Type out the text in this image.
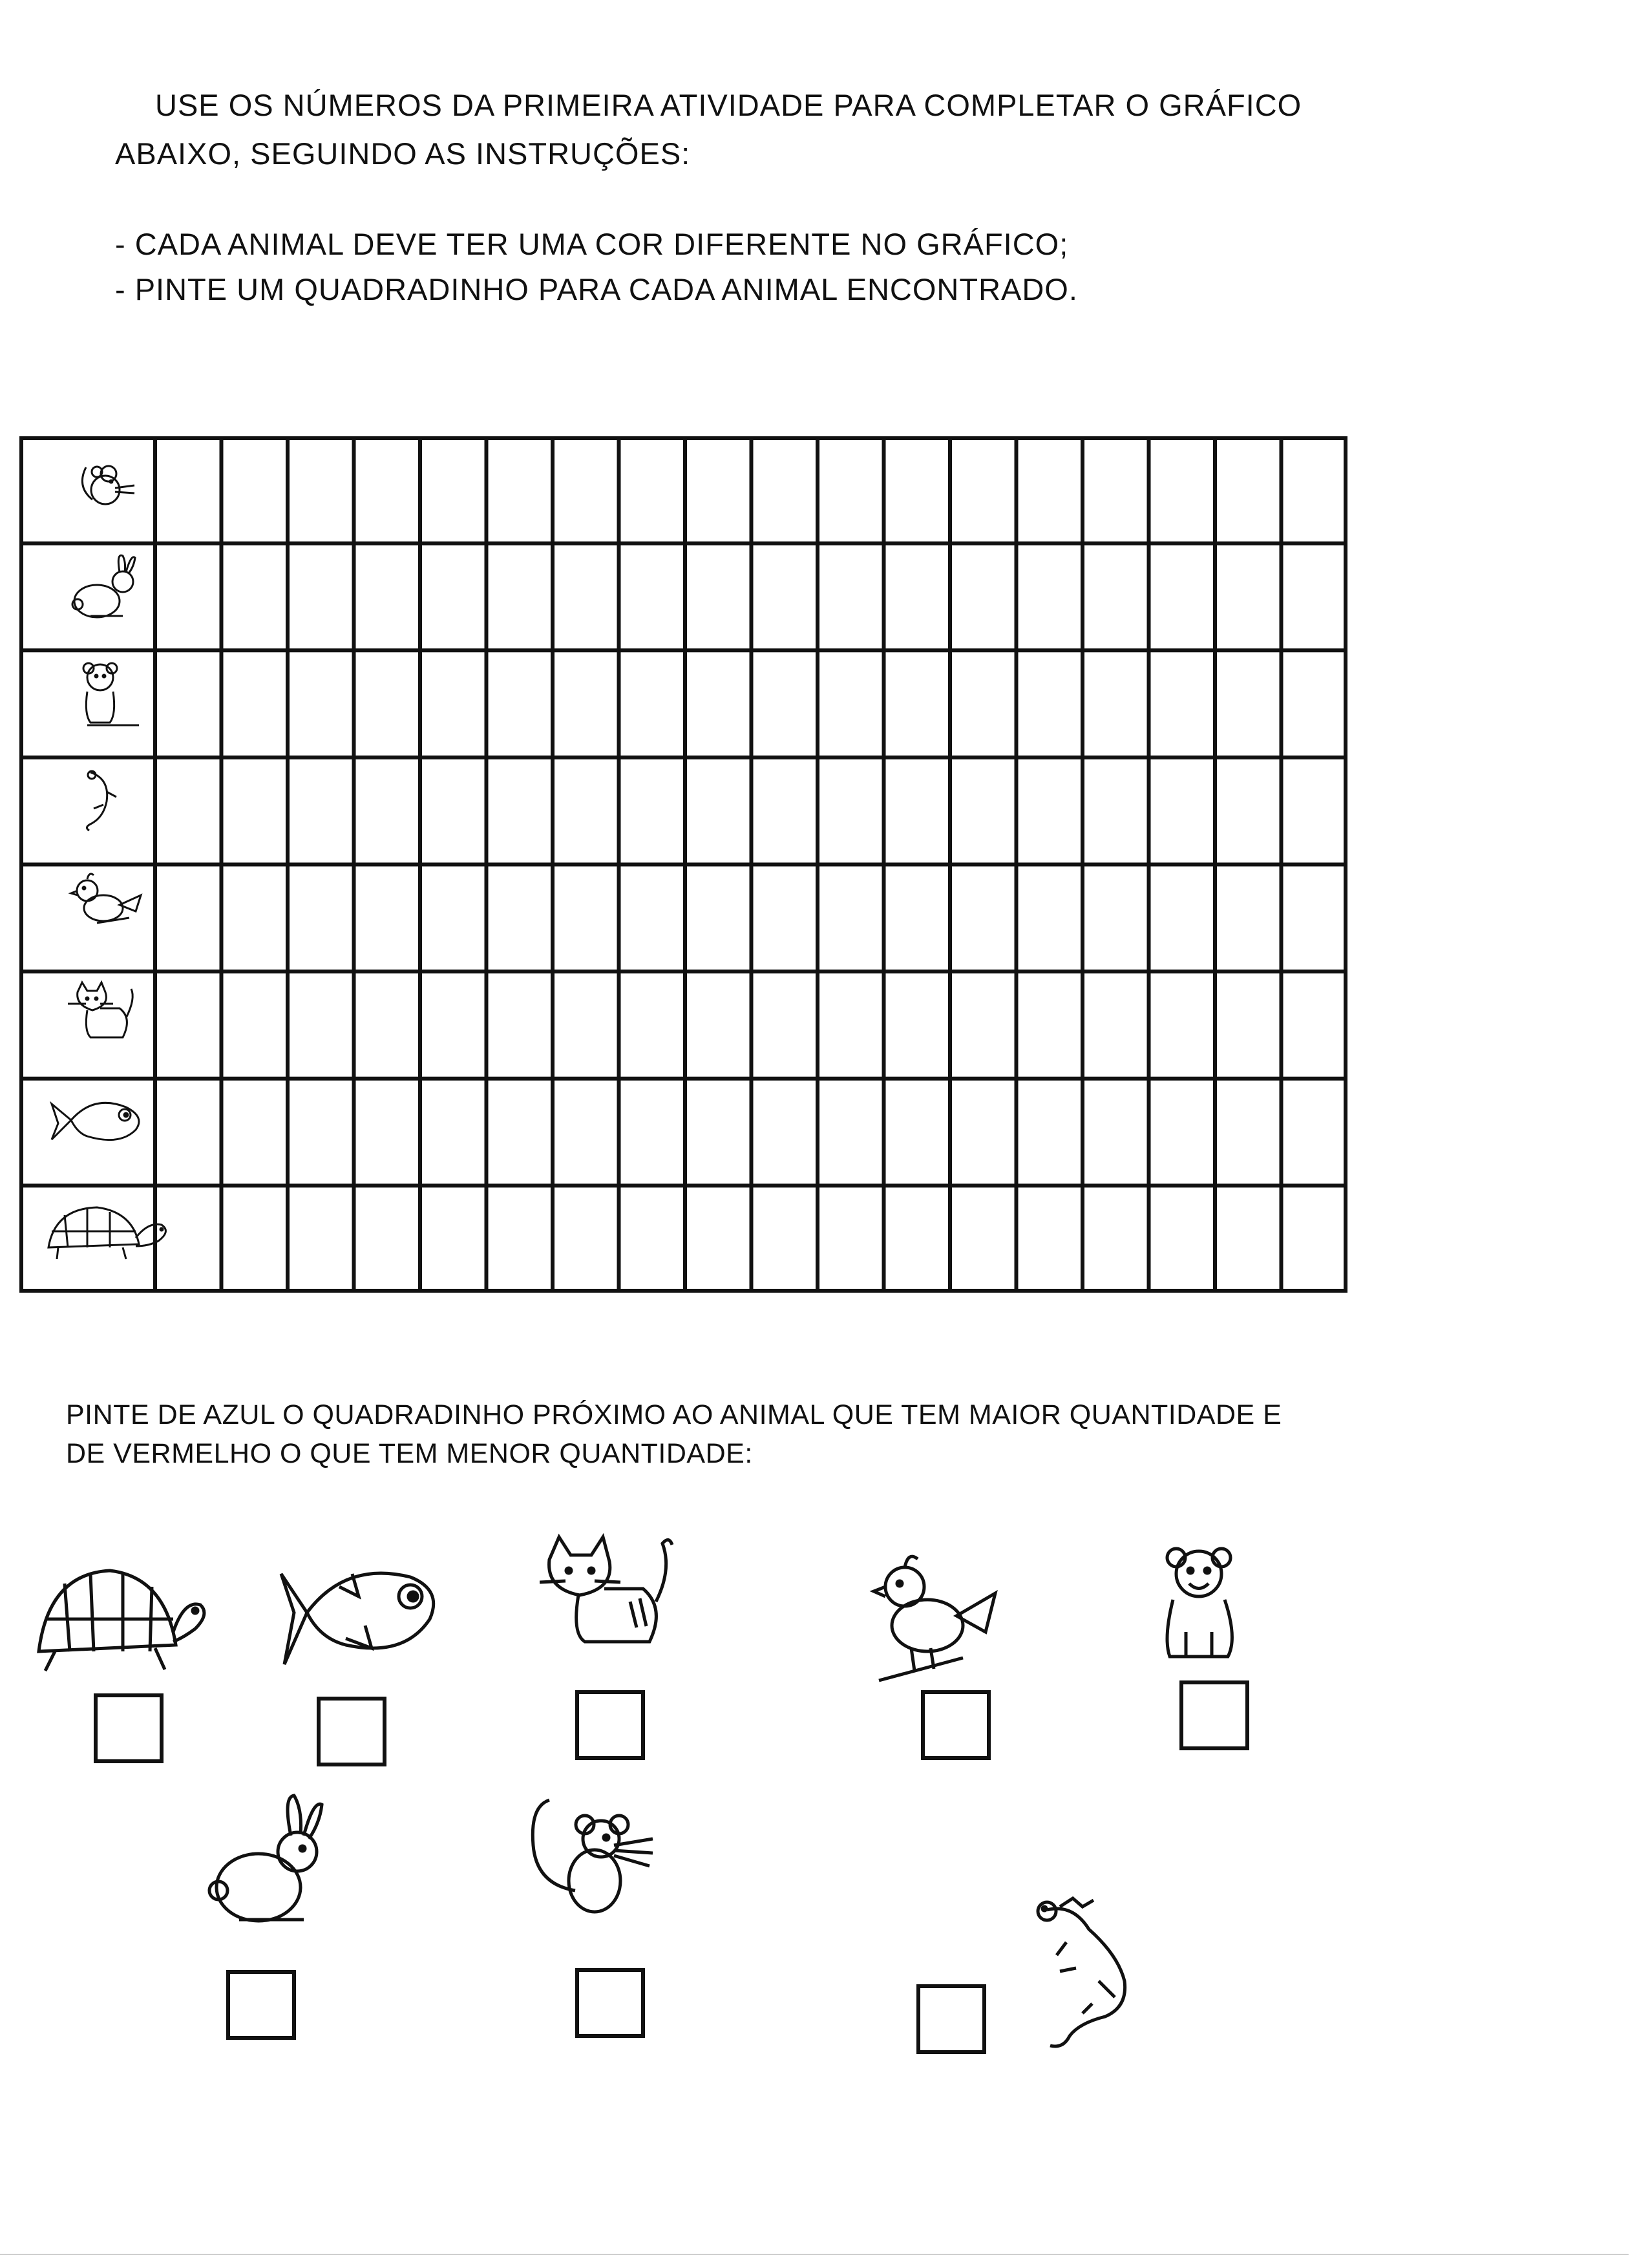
USE OS NÚMEROS DA PRIMEIRA ATIVIDADE PARA COMPLETAR O GRÁFICO

ABAIXO, SEGUINDO AS INSTRUÇÕES:

- CADA ANIMAL DEVE TER UMA COR DIFERENTE NO GRÁFICO;

- PINTE UM QUADRADINHO PARA CADA ANIMAL ENCONTRADO.

PINTE DE AZUL O QUADRADINHO PRÓXIMO AO ANIMAL QUE TEM MAIOR QUANTIDADE E

DE VERMELHO O QUE TEM MENOR QUANTIDADE:
